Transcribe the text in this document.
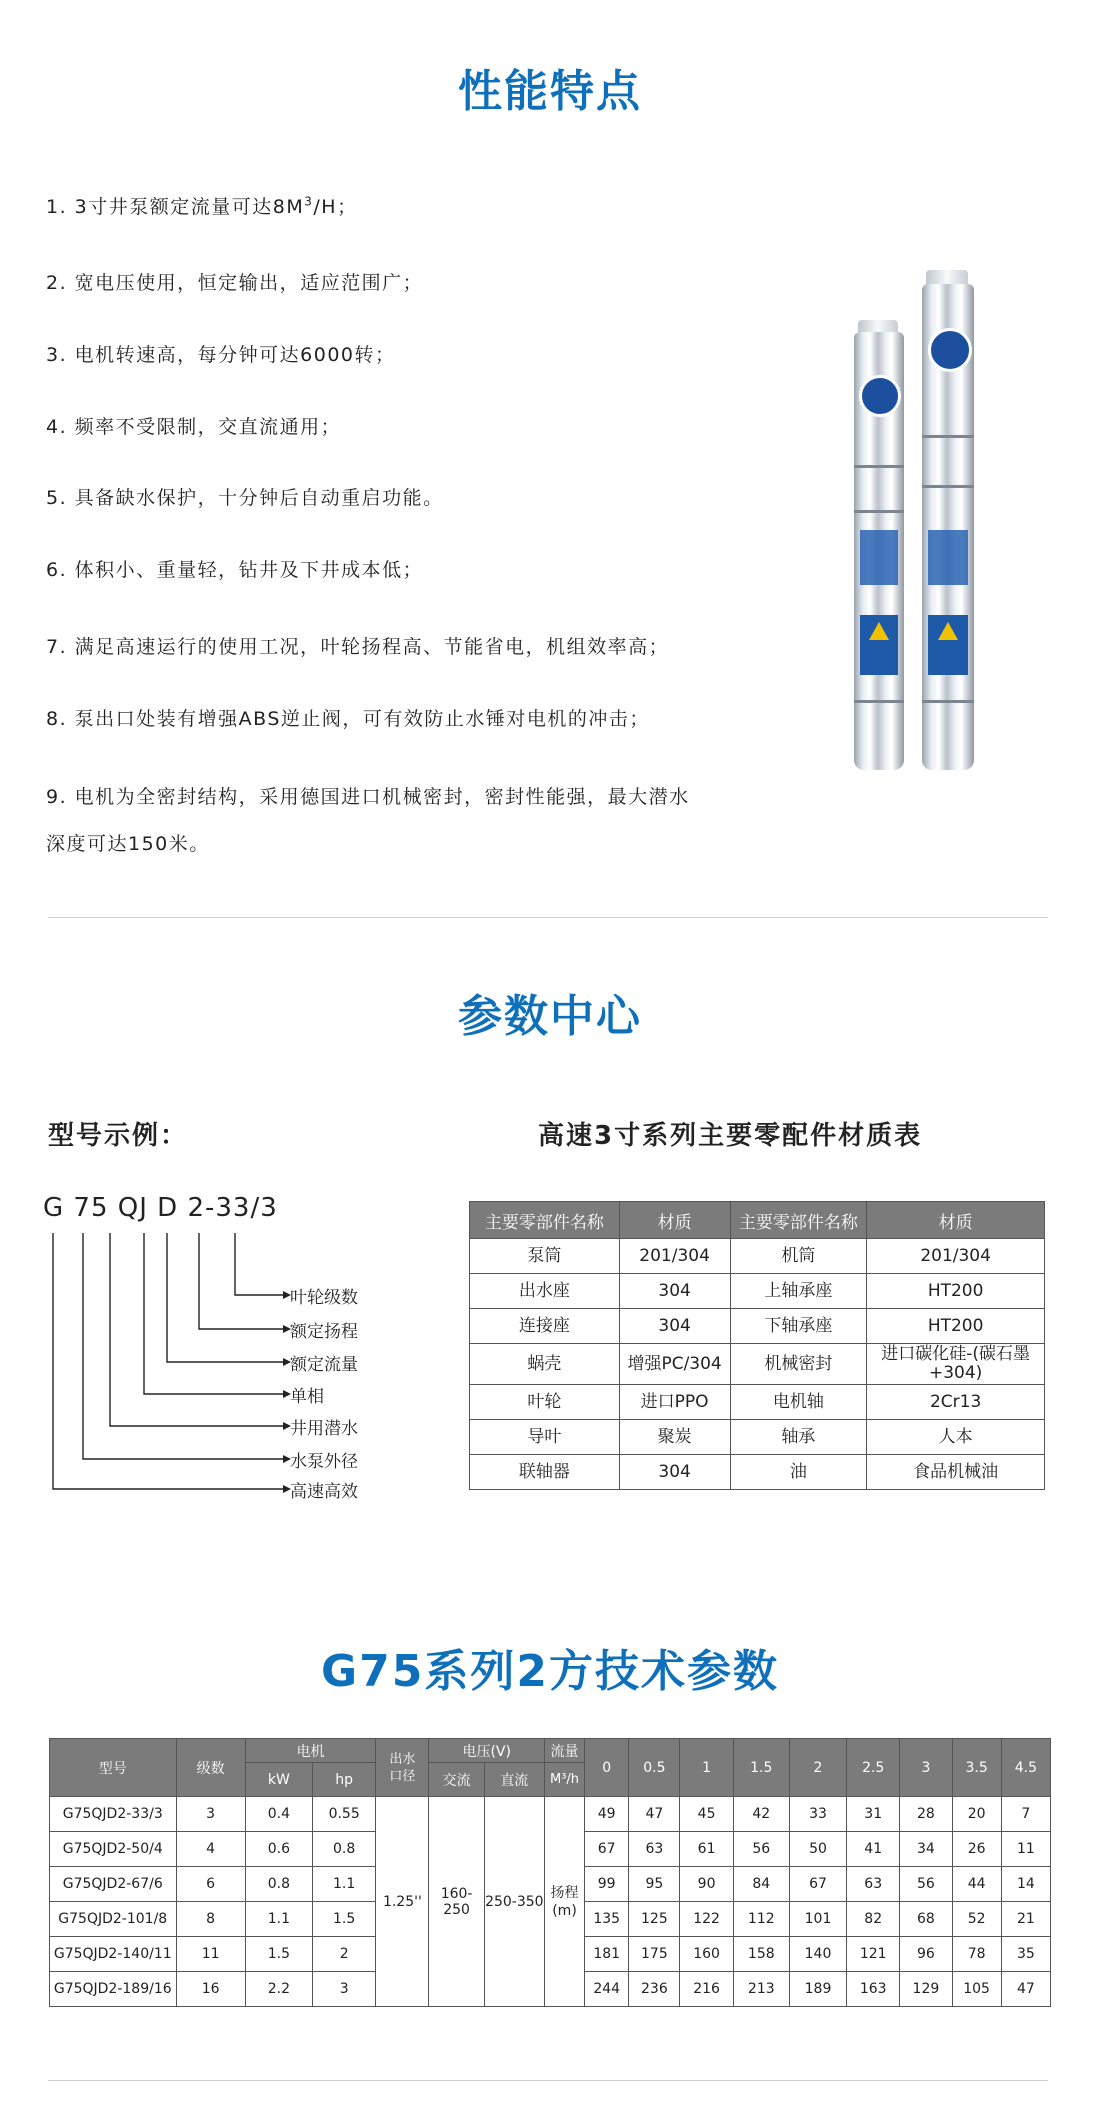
性能特点
1. 3寸井泵额定流量可达$8M^3/H$；
2. 宽电压使用，恒定输出，适应范围广；
3. 电机转速高，每分钟可达6000转；
4. 频率不受限制，交直流通用；
5. 具备缺水保护，十分钟后自动重启功能。
6. 体积小、重量轻，钻井及下井成本低；
7. 满足高速运行的使用工况，叶轮扬程高、节能省电，机组效率高；
8. 泵出口处装有增强ABS逆止阀，可有效防止水锤对电机的冲击；
9. 电机为全密封结构，采用德国进口机械密封，密封性能强，最大潜水
深度可达150米。
参数中心
型号示例：
G 75 QJ D 2-33/3
叶轮级数
额定扬程
额定流量
单相
井用潜水
水泵外径
高速高效
高速3寸系列主要零配件材质表
主要零部件名称	材质	主要零部件名称	材质
泵筒	201/304	机筒	201/304
出水座	304	上轴承座	HT200
连接座	304	下轴承座	HT200
蜗壳	增强PC/304	机械密封	进口碳化硅-(碳石墨+304)
叶轮	进口PPO	电机轴	2Cr13
导叶	聚炭	轴承	人本
联轴器	304	油	食品机械油
G75系列2方技术参数
型号	级数	电机		出水口径	电压(V)		流量	0	0.5	1	1.5	2	2.5	3	3.5	4.5
		kW	hp		交流	直流	M³/h									
G75QJD2-33/3	3	0.4	0.55	1.25''	160-250	250-350	扬程(m)	49	47	45	42	33	31	28	20	7
G75QJD2-50/4	4	0.6	0.8					67	63	61	56	50	41	34	26	11
G75QJD2-67/6	6	0.8	1.1					99	95	90	84	67	63	56	44	14
G75QJD2-101/8	8	1.1	1.5					135	125	122	112	101	82	68	52	21
G75QJD2-140/11	11	1.5	2					181	175	160	158	140	121	96	78	35
G75QJD2-189/16	16	2.2	3					244	236	216	213	189	163	129	105	47
